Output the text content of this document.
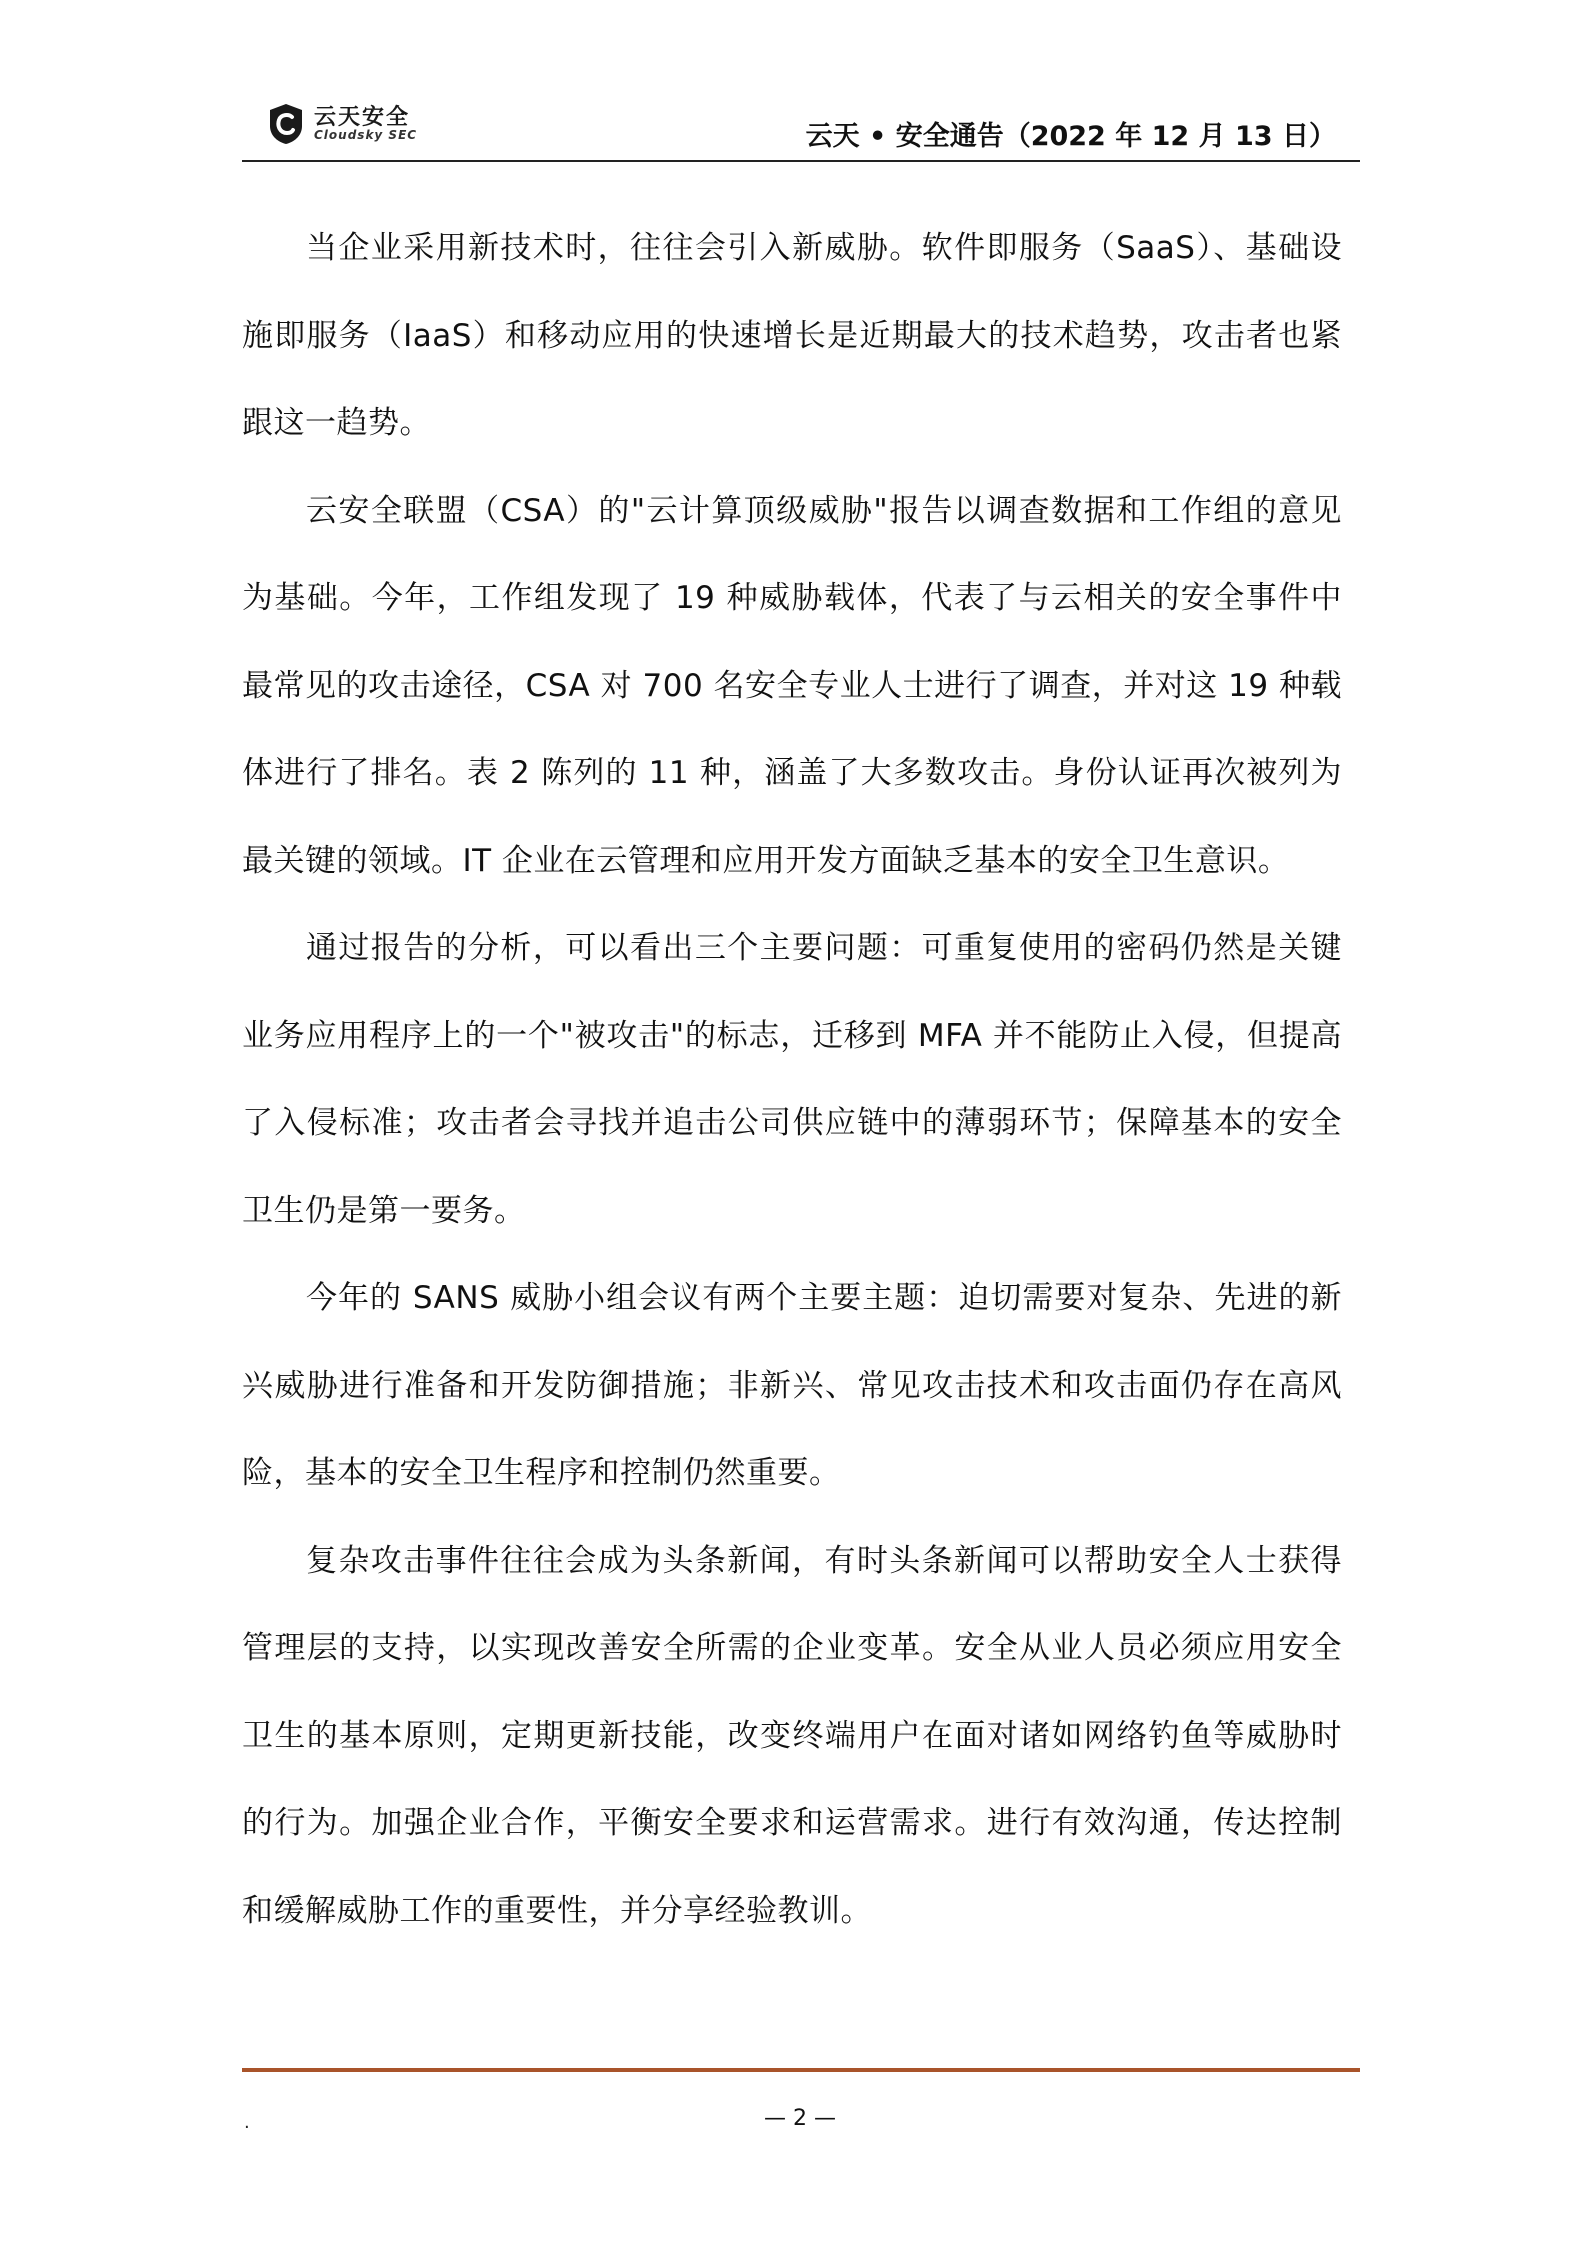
云天安全
Cloudsky SEC	云天 • 安全通告（2022 年 12 月 13 日）

当企业采用新技术时，往往会引入新威胁。软件即服务（SaaS）、基础设施即服务（IaaS）和移动应用的快速增长是近期最大的技术趋势，攻击者也紧跟这一趋势。

云安全联盟（CSA）的"云计算顶级威胁"报告以调查数据和工作组的意见为基础。今年，工作组发现了 19 种威胁载体，代表了与云相关的安全事件中最常见的攻击途径，CSA 对 700 名安全专业人士进行了调查，并对这 19 种载体进行了排名。表 2 陈列的 11 种，涵盖了大多数攻击。身份认证再次被列为最关键的领域。IT 企业在云管理和应用开发方面缺乏基本的安全卫生意识。

通过报告的分析，可以看出三个主要问题：可重复使用的密码仍然是关键业务应用程序上的一个"被攻击"的标志，迁移到 MFA 并不能防止入侵，但提高了入侵标准；攻击者会寻找并追击公司供应链中的薄弱环节；保障基本的安全卫生仍是第一要务。

今年的 SANS 威胁小组会议有两个主要主题：迫切需要对复杂、先进的新兴威胁进行准备和开发防御措施；非新兴、常见攻击技术和攻击面仍存在高风险，基本的安全卫生程序和控制仍然重要。

复杂攻击事件往往会成为头条新闻，有时头条新闻可以帮助安全人士获得管理层的支持，以实现改善安全所需的企业变革。安全从业人员必须应用安全卫生的基本原则，定期更新技能，改变终端用户在面对诸如网络钓鱼等威胁时的行为。加强企业合作，平衡安全要求和运营需求。进行有效沟通，传达控制和缓解威胁工作的重要性，并分享经验教训。

.	— 2 —
